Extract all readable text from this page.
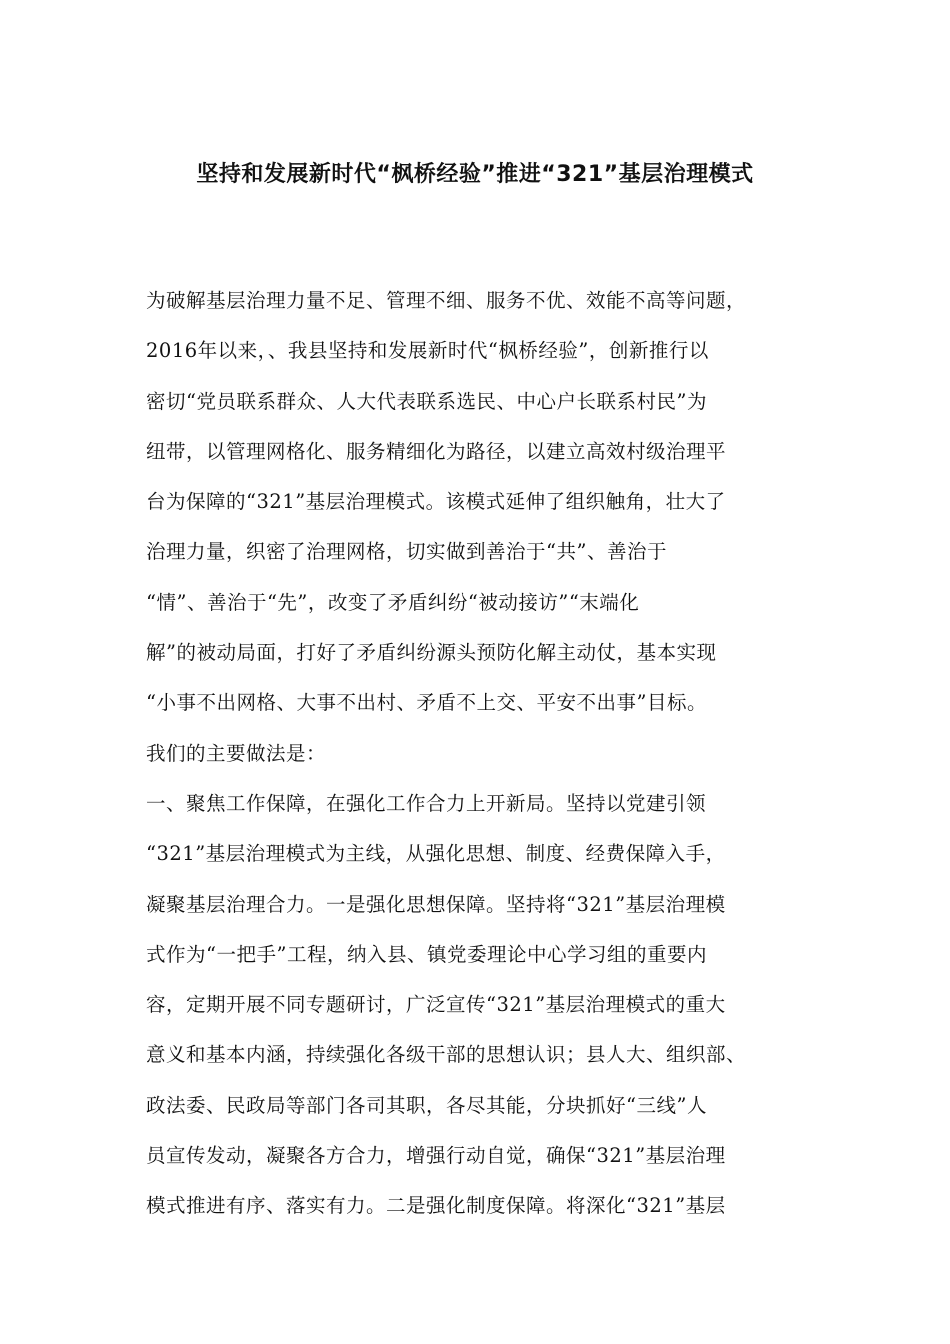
坚持和发展新时代“枫桥经验”推进“321”基层治理模式
为破解基层治理力量不足、管理不细、服务不优、效能不高等问题，
2016年以来，、我县坚持和发展新时代“枫桥经验”，创新推行以
密切“党员联系群众、人大代表联系选民、中心户长联系村民”为
纽带，以管理网格化、服务精细化为路径，以建立高效村级治理平
台为保障的“321”基层治理模式。该模式延伸了组织触角，壮大了
治理力量，织密了治理网格，切实做到善治于“共”、善治于
“情”、善治于“先”，改变了矛盾纠纷“被动接访”“末端化
解”的被动局面，打好了矛盾纠纷源头预防化解主动仗，基本实现
“小事不出网格、大事不出村、矛盾不上交、平安不出事”目标。
我们的主要做法是：
一、聚焦工作保障，在强化工作合力上开新局。坚持以党建引领
“321”基层治理模式为主线，从强化思想、制度、经费保障入手，
凝聚基层治理合力。一是强化思想保障。坚持将“321”基层治理模
式作为“一把手”工程，纳入县、镇党委理论中心学习组的重要内
容，定期开展不同专题研讨，广泛宣传“321”基层治理模式的重大
意义和基本内涵，持续强化各级干部的思想认识；县人大、组织部、
政法委、民政局等部门各司其职，各尽其能，分块抓好“三线”人
员宣传发动，凝聚各方合力，增强行动自觉，确保“321”基层治理
模式推进有序、落实有力。二是强化制度保障。将深化“321”基层
